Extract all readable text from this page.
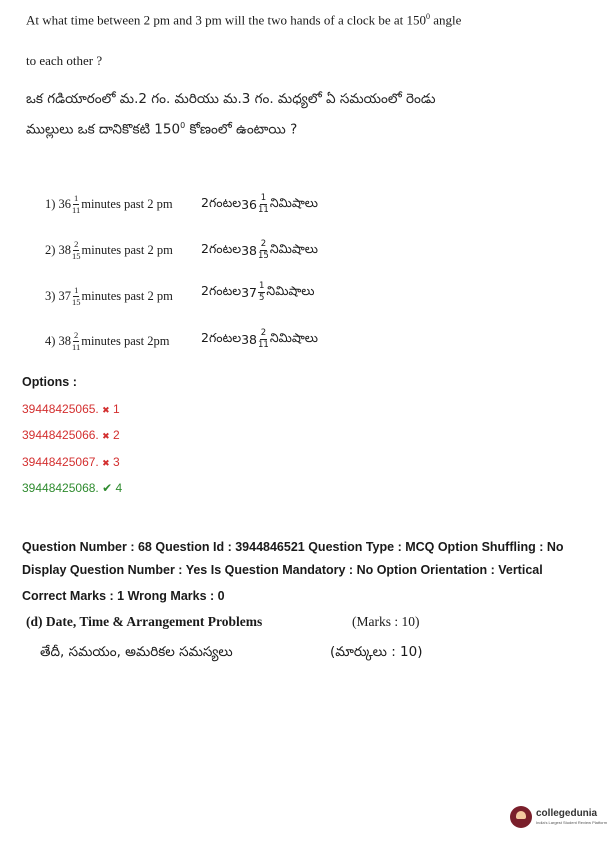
At what time between 2 pm and 3 pm will the two hands of a clock be at $150^0$ angle
to each other ?
ఒక గడియారంలో మ.2 గం. మరియు మ.3 గం. మధ్యలో ఏ సమయంలో రెండు
ముల్లులు ఒక దానికొకటి $150^0$ కోణంలో ఉంటాయి ?
1)
$36 \frac{1}{11}$ minutes past 2 pm 2గంటల $36 \frac{1}{11}$ నిమిషాలు
2)
$38 \frac{2}{15}$ minutes past 2 pm 2గంటల $38 \frac{2}{15}$ నిమిషాలు
3)
$37 \frac{1}{15}$ minutes past 2 pm 2గంటల $37 \frac{1}{5}$ నిమిషాలు
4)
$38 \frac{2}{11}$ minutes past 2pm	2గంటల $38 \frac{2}{11}$ నిమిషాలు
Options :
39448425065. ✖ 1
39448425066. ✖ 2
39448425067. ✖ 3
39448425068. ✔ 4
Question Number : 68 Question Id : 3944846521 Question Type : MCQ Option Shuffling : No
Display Question Number : Yes Is Question Mandatory : No Option Orientation : Vertical
Correct Marks : 1 Wrong Marks : 0
(d) Date, Time & Arrangement Problems	(Marks : 10)
తేదీ, సమయం, అమరికల సమస్యలు	(మార్కులు : 10)
collegedunia
India's Largest Student Review Platform
